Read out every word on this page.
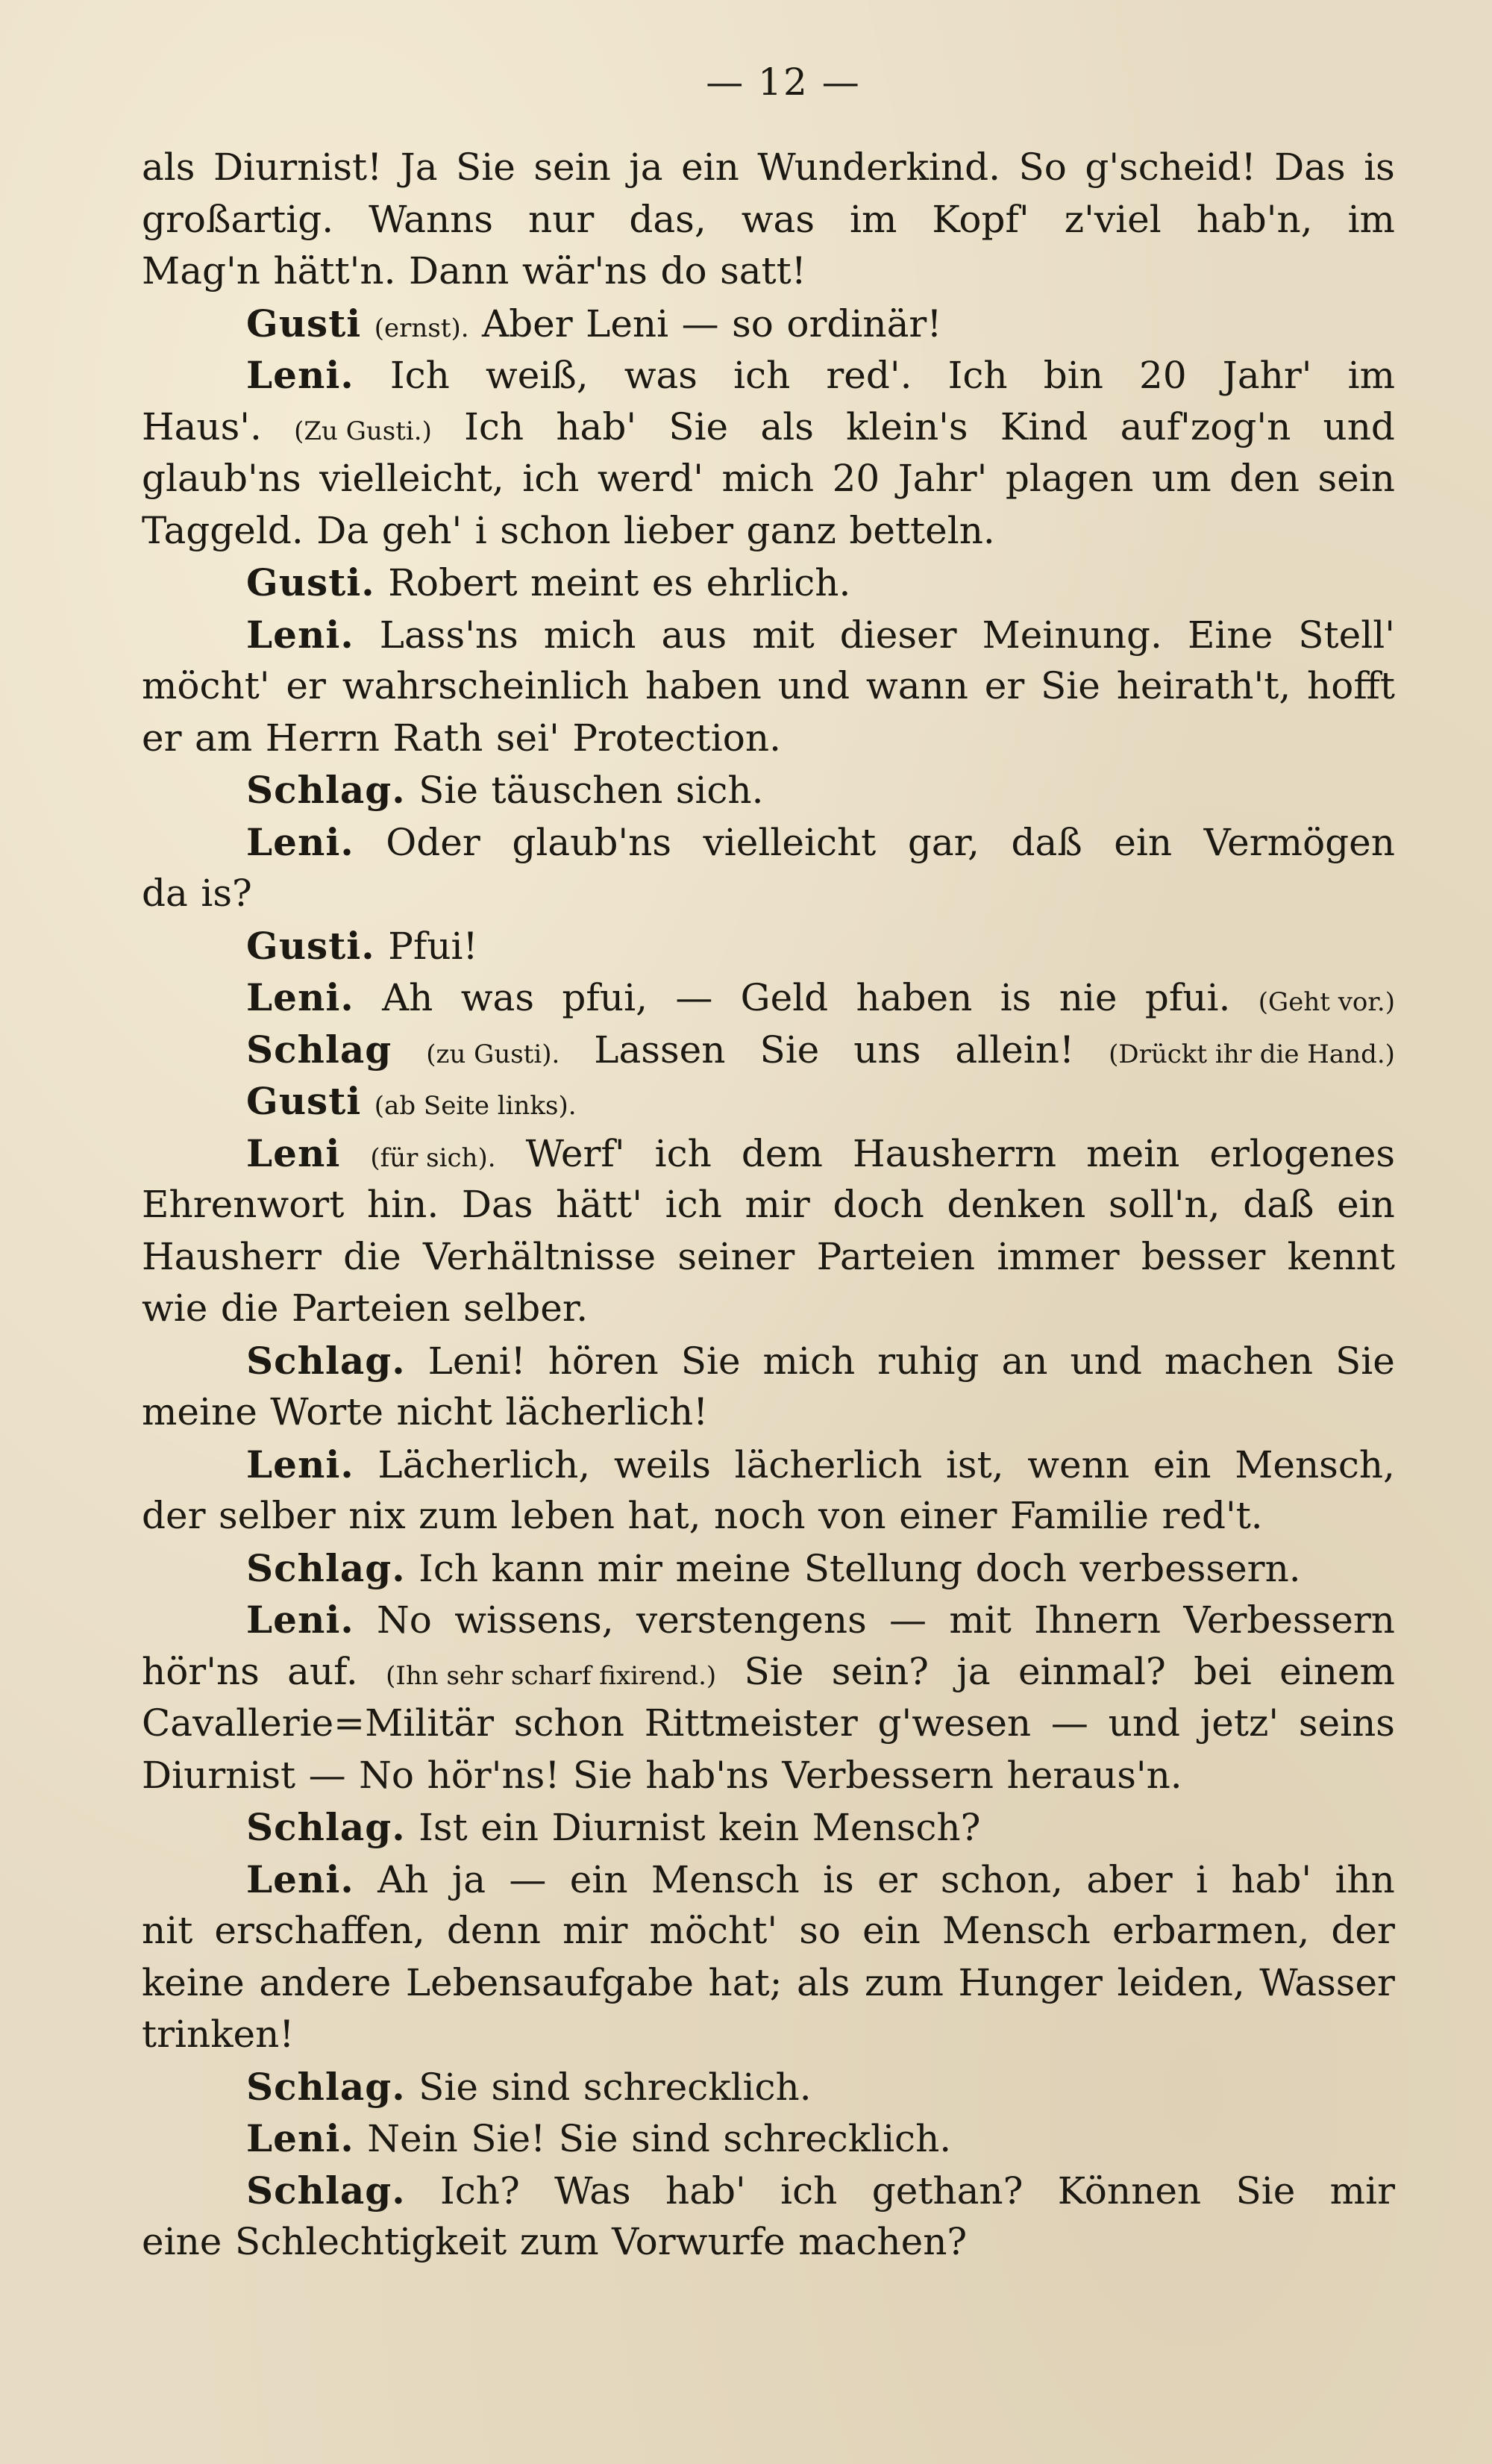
— 12 —
als Diurnist! Ja Sie sein ja ein Wunderkind. So g'scheid! Das is
großartig. Wanns nur das, was im Kopf' z'viel hab'n, im
Mag'n hätt'n. Dann wär'ns do satt!
Gusti (ernst). Aber Leni — so ordinär!
Leni. Ich weiß, was ich red'. Ich bin 20 Jahr' im
Haus'. (Zu Gusti.) Ich hab' Sie als klein's Kind auf'zog'n und
glaub'ns vielleicht, ich werd' mich 20 Jahr' plagen um den sein
Taggeld. Da geh' i schon lieber ganz betteln.
Gusti. Robert meint es ehrlich.
Leni. Lass'ns mich aus mit dieser Meinung. Eine Stell'
möcht' er wahrscheinlich haben und wann er Sie heirath't, hofft
er am Herrn Rath sei' Protection.
Schlag. Sie täuschen sich.
Leni. Oder glaub'ns vielleicht gar, daß ein Vermögen
da is?
Gusti. Pfui!
Leni. Ah was pfui, — Geld haben is nie pfui. (Geht vor.)
Schlag (zu Gusti). Lassen Sie uns allein! (Drückt ihr die Hand.)
Gusti (ab Seite links).
Leni (für sich). Werf' ich dem Hausherrn mein erlogenes
Ehrenwort hin. Das hätt' ich mir doch denken soll'n, daß ein
Hausherr die Verhältnisse seiner Parteien immer besser kennt
wie die Parteien selber.
Schlag. Leni! hören Sie mich ruhig an und machen Sie
meine Worte nicht lächerlich!
Leni. Lächerlich, weils lächerlich ist, wenn ein Mensch,
der selber nix zum leben hat, noch von einer Familie red't.
Schlag. Ich kann mir meine Stellung doch verbessern.
Leni. No wissens, verstengens — mit Ihnern Verbessern
hör'ns auf. (Ihn sehr scharf fixirend.) Sie sein? ja einmal? bei einem
Cavallerie=Militär schon Rittmeister g'wesen — und jetz' seins
Diurnist — No hör'ns! Sie hab'ns Verbessern heraus'n.
Schlag. Ist ein Diurnist kein Mensch?
Leni. Ah ja — ein Mensch is er schon, aber i hab' ihn
nit erschaffen, denn mir möcht' so ein Mensch erbarmen, der
keine andere Lebensaufgabe hat; als zum Hunger leiden, Wasser
trinken!
Schlag. Sie sind schrecklich.
Leni. Nein Sie! Sie sind schrecklich.
Schlag. Ich? Was hab' ich gethan? Können Sie mir
eine Schlechtigkeit zum Vorwurfe machen?
